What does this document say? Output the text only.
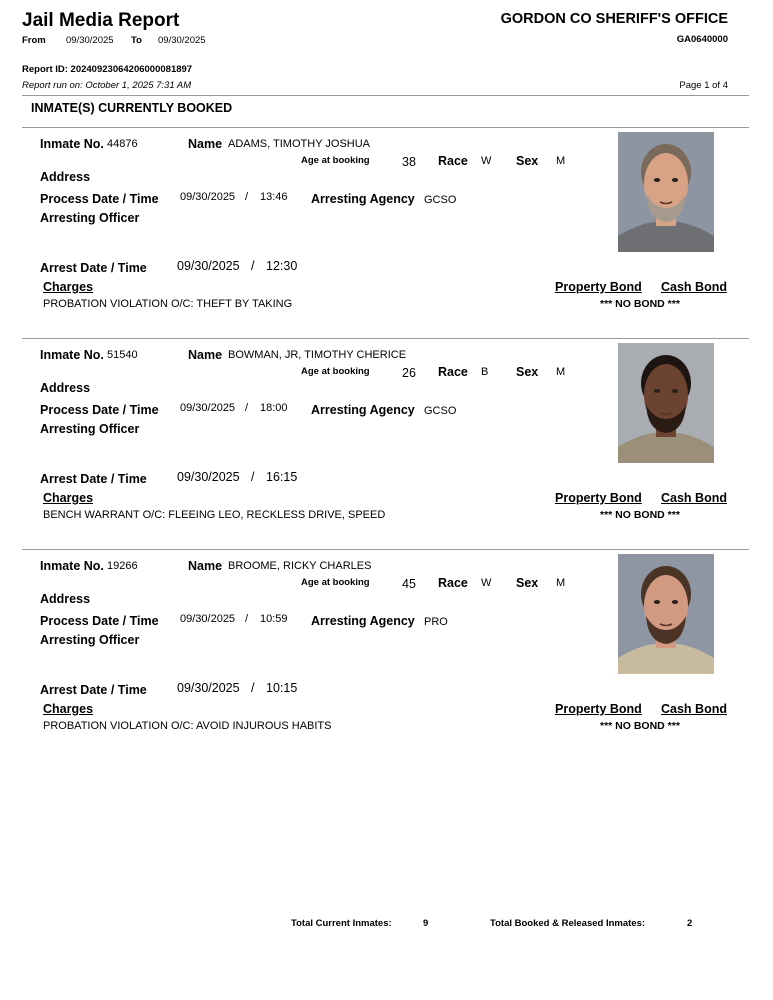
Jail Media Report
From 09/30/2025 To 09/30/2025
GORDON CO SHERIFF'S OFFICE
GA0640000
Report ID: 20240923064206000081897
Report run on: October 1, 2025 7:31 AM	Page 1 of 4
INMATE(S) CURRENTLY BOOKED
Inmate No. 44876	Name ADAMS, TIMOTHY JOSHUA
Age at booking	38 Race W Sex M
Address
Process Date / Time 09/30/2025 / 13:46 Arresting Agency GCSO
Arresting Officer
Arrest Date / Time 09/30/2025 / 12:30
Charges	Property Bond Cash Bond
PROBATION VIOLATION O/C: THEFT BY TAKING	*** NO BOND ***
Inmate No. 51540	Name BOWMAN, JR, TIMOTHY CHERICE
Age at booking	26 Race B Sex M
Address
Process Date / Time 09/30/2025 / 18:00 Arresting Agency GCSO
Arresting Officer
Arrest Date / Time 09/30/2025 / 16:15
Charges	Property Bond Cash Bond
BENCH WARRANT O/C: FLEEING LEO, RECKLESS DRIVE, SPEED	*** NO BOND ***
Inmate No. 19266	Name BROOME, RICKY CHARLES
Age at booking	45 Race W Sex M
Address
Process Date / Time 09/30/2025 / 10:59 Arresting Agency PRO
Arresting Officer
Arrest Date / Time 09/30/2025 / 10:15
Charges	Property Bond Cash Bond
PROBATION VIOLATION O/C: AVOID INJUROUS HABITS	*** NO BOND ***
Total Current Inmates:	9	Total Booked & Released Inmates:	2
